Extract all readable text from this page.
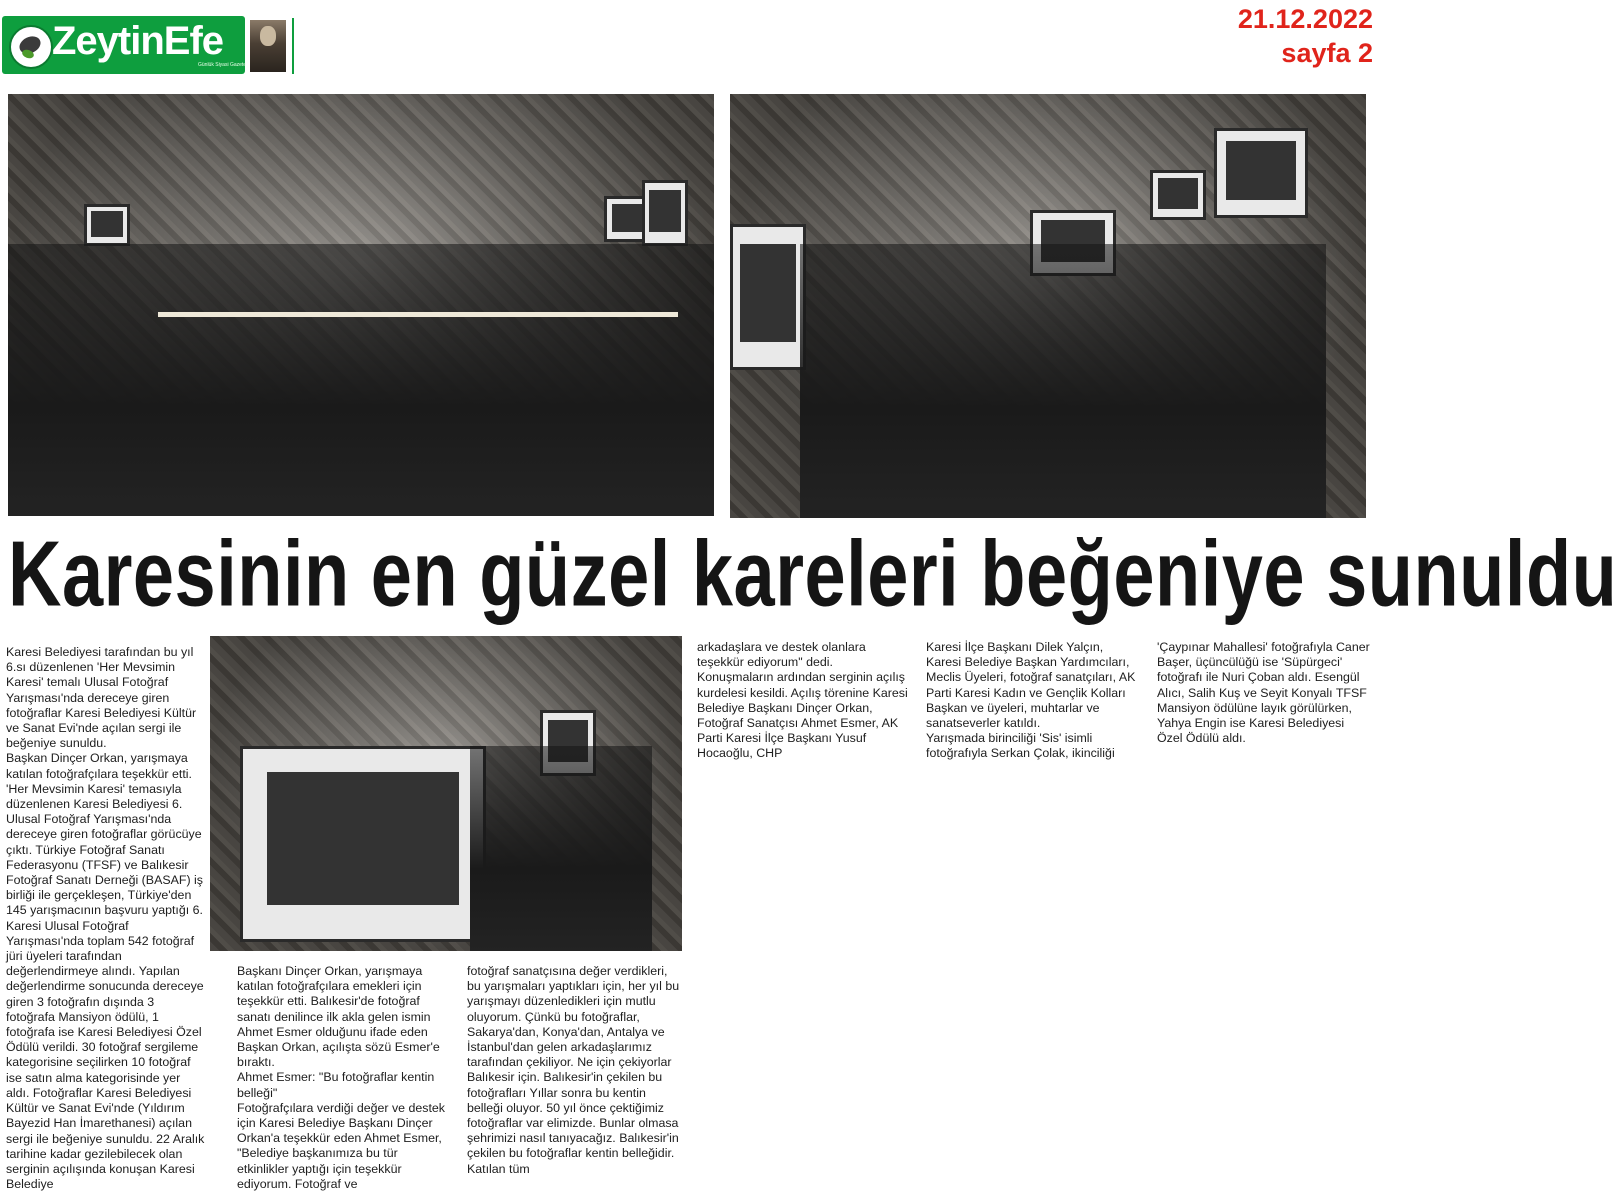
ZeytinEfe
Günlük Siyasi Gazete
21.12.2022
sayfa 2
Karesinin en güzel kareleri beğeniye sunuldu
Karesi Belediyesi tarafından bu yıl 6.sı düzenlenen 'Her Mevsimin Karesi' temalı Ulusal Fotoğraf Yarışması'nda dereceye giren fotoğraflar Karesi Belediyesi Kültür ve Sanat Evi'nde açılan sergi ile beğeniye sunuldu.
Başkan Dinçer Orkan, yarışmaya katılan fotoğrafçılara teşekkür etti.
'Her Mevsimin Karesi' temasıyla düzenlenen Karesi Belediyesi 6. Ulusal Fotoğraf Yarışması'nda dereceye giren fotoğraflar görücüye çıktı. Türkiye Fotoğraf Sanatı Federasyonu (TFSF) ve Balıkesir Fotoğraf Sanatı Derneği (BASAF) iş birliği ile gerçekleşen, Türkiye'den 145 yarışmacının başvuru yaptığı 6. Karesi Ulusal Fotoğraf Yarışması'nda toplam 542 fotoğraf jüri üyeleri tarafından değerlendirmeye alındı. Yapılan değerlendirme sonucunda dereceye giren 3 fotoğrafın dışında 3 fotoğrafa Mansiyon ödülü, 1 fotoğrafa ise Karesi Belediyesi Özel Ödülü verildi. 30 fotoğraf sergileme kategorisine seçilirken 10 fotoğraf ise satın alma kategorisinde yer aldı. Fotoğraflar Karesi Belediyesi Kültür ve Sanat Evi'nde (Yıldırım Bayezid Han İmarethanesi) açılan sergi ile beğeniye sunuldu. 22 Aralık tarihine kadar gezilebilecek olan serginin açılışında konuşan Karesi Belediye
Başkanı Dinçer Orkan, yarışmaya katılan fotoğrafçılara emekleri için teşekkür etti. Balıkesir'de fotoğraf sanatı denilince ilk akla gelen ismin Ahmet Esmer olduğunu ifade eden Başkan Orkan, açılışta sözü Esmer'e bıraktı.
Ahmet Esmer: "Bu fotoğraflar kentin belleği"
Fotoğrafçılara verdiği değer ve destek için Karesi Belediye Başkanı Dinçer Orkan'a teşekkür eden Ahmet Esmer, "Belediye başkanımıza bu tür etkinlikler yaptığı için teşekkür ediyorum. Fotoğraf ve
fotoğraf sanatçısına değer verdikleri, bu yarışmaları yaptıkları için, her yıl bu yarışmayı düzenledikleri için mutlu oluyorum. Çünkü bu fotoğraflar, Sakarya'dan, Konya'dan, Antalya ve İstanbul'dan gelen arkadaşlarımız tarafından çekiliyor. Ne için çekiyorlar Balıkesir için. Balıkesir'in çekilen bu fotoğrafları Yıllar sonra bu kentin belleği oluyor. 50 yıl önce çektiğimiz fotoğraflar var elimizde. Bunlar olmasa şehrimizi nasıl tanıyacağız. Balıkesir'in çekilen bu fotoğraflar kentin belleğidir. Katılan tüm
arkadaşlara ve destek olanlara teşekkür ediyorum" dedi.
Konuşmaların ardından serginin açılış kurdelesi kesildi. Açılış törenine Karesi Belediye Başkanı Dinçer Orkan, Fotoğraf Sanatçısı Ahmet Esmer, AK Parti Karesi İlçe Başkanı Yusuf Hocaoğlu, CHP
Karesi İlçe Başkanı Dilek Yalçın, Karesi Belediye Başkan Yardımcıları, Meclis Üyeleri, fotoğraf sanatçıları, AK Parti Karesi Kadın ve Gençlik Kolları Başkan ve üyeleri, muhtarlar ve sanatseverler katıldı.
Yarışmada birinciliği 'Sis' isimli fotoğrafıyla Serkan Çolak, ikinciliği
'Çaypınar Mahallesi' fotoğrafıyla Caner Başer, üçüncülüğü ise 'Süpürgeci' fotoğrafı ile Nuri Çoban aldı. Esengül Alıcı, Salih Kuş ve Seyit Konyalı TFSF Mansiyon ödülüne layık görülürken, Yahya Engin ise Karesi Belediyesi Özel Ödülü aldı.
